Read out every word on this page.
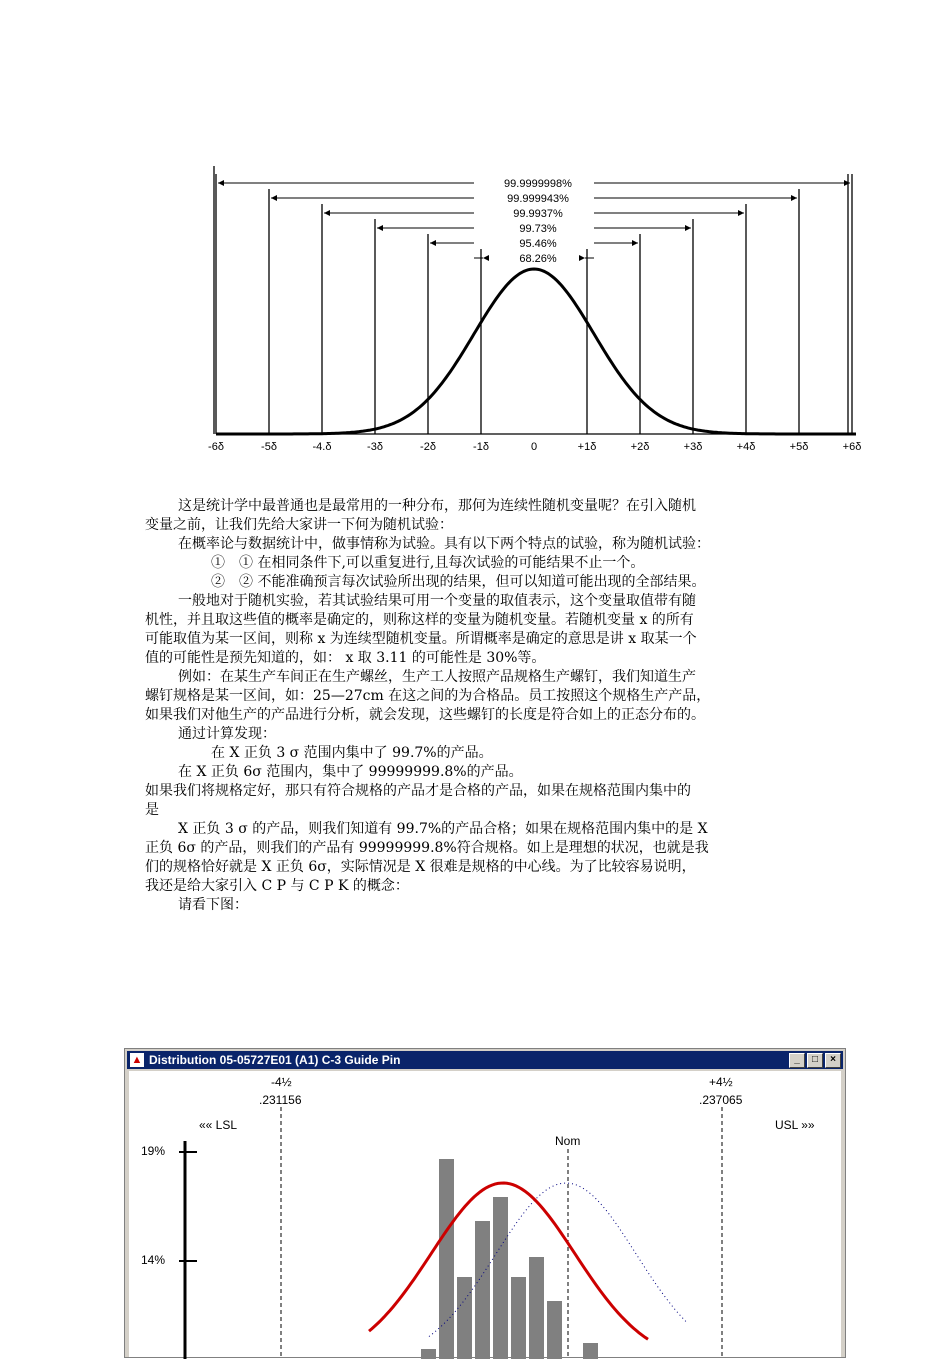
99.9999998%
99.999943%
99.9937%
99.73%
95.46%
68.26%
-6δ	-5δ	-4.δ	-3δ	-2δ	-1δ	0	+1δ	+2δ	+3δ	+4δ	+5δ	+6δ

这是统计学中最普通也是最常用的一种分布，那何为连续性随机变量呢？在引入随机

变量之前，让我们先给大家讲一下何为随机试验：

在概率论与数据统计中，做事情称为试验。具有以下两个特点的试验，称为随机试验：

①　① 在相同条件下,可以重复进行,且每次试验的可能结果不止一个。

②　② 不能准确预言每次试验所出现的结果，但可以知道可能出现的全部结果。

一般地对于随机实验，若其试验结果可用一个变量的取值表示，这个变量取值带有随

机性，并且取这些值的概率是确定的，则称这样的变量为随机变量。若随机变量 x 的所有

可能取值为某一区间，则称 x 为连续型随机变量。所谓概率是确定的意思是讲 x 取某一个

值的可能性是预先知道的，如： x 取 3.11 的可能性是 30%等。

例如：在某生产车间正在生产螺丝，生产工人按照产品规格生产螺钉，我们知道生产

螺钉规格是某一区间，如：25—27cm 在这之间的为合格品。员工按照这个规格生产产品，

如果我们对他生产的产品进行分析，就会发现，这些螺钉的长度是符合如上的正态分布的。

通过计算发现：

在 X 正负 3 σ 范围内集中了 99.7%的产品。

在 X 正负 6σ 范围内，集中了 99999999.8%的产品。

如果我们将规格定好，那只有符合规格的产品才是合格的产品，如果在规格范围内集中的

是

X 正负 3 σ 的产品，则我们知道有 99.7%的产品合格；如果在规格范围内集中的是 X

正负 6σ 的产品，则我们的产品有 99999999.8%符合规格。如上是理想的状况，也就是我

们的规格恰好就是 X 正负 6σ，实际情况是 X 很难是规格的中心线。为了比较容易说明，

我还是给大家引入 C P 与 C P K 的概念：

请看下图：

▲ Distribution 05-05727E01 (A1) C-3 Guide Pin	_	□	×
-4½
.231156
+4½
.237065
«« LSL	USL »»
Nom
19%
14%
